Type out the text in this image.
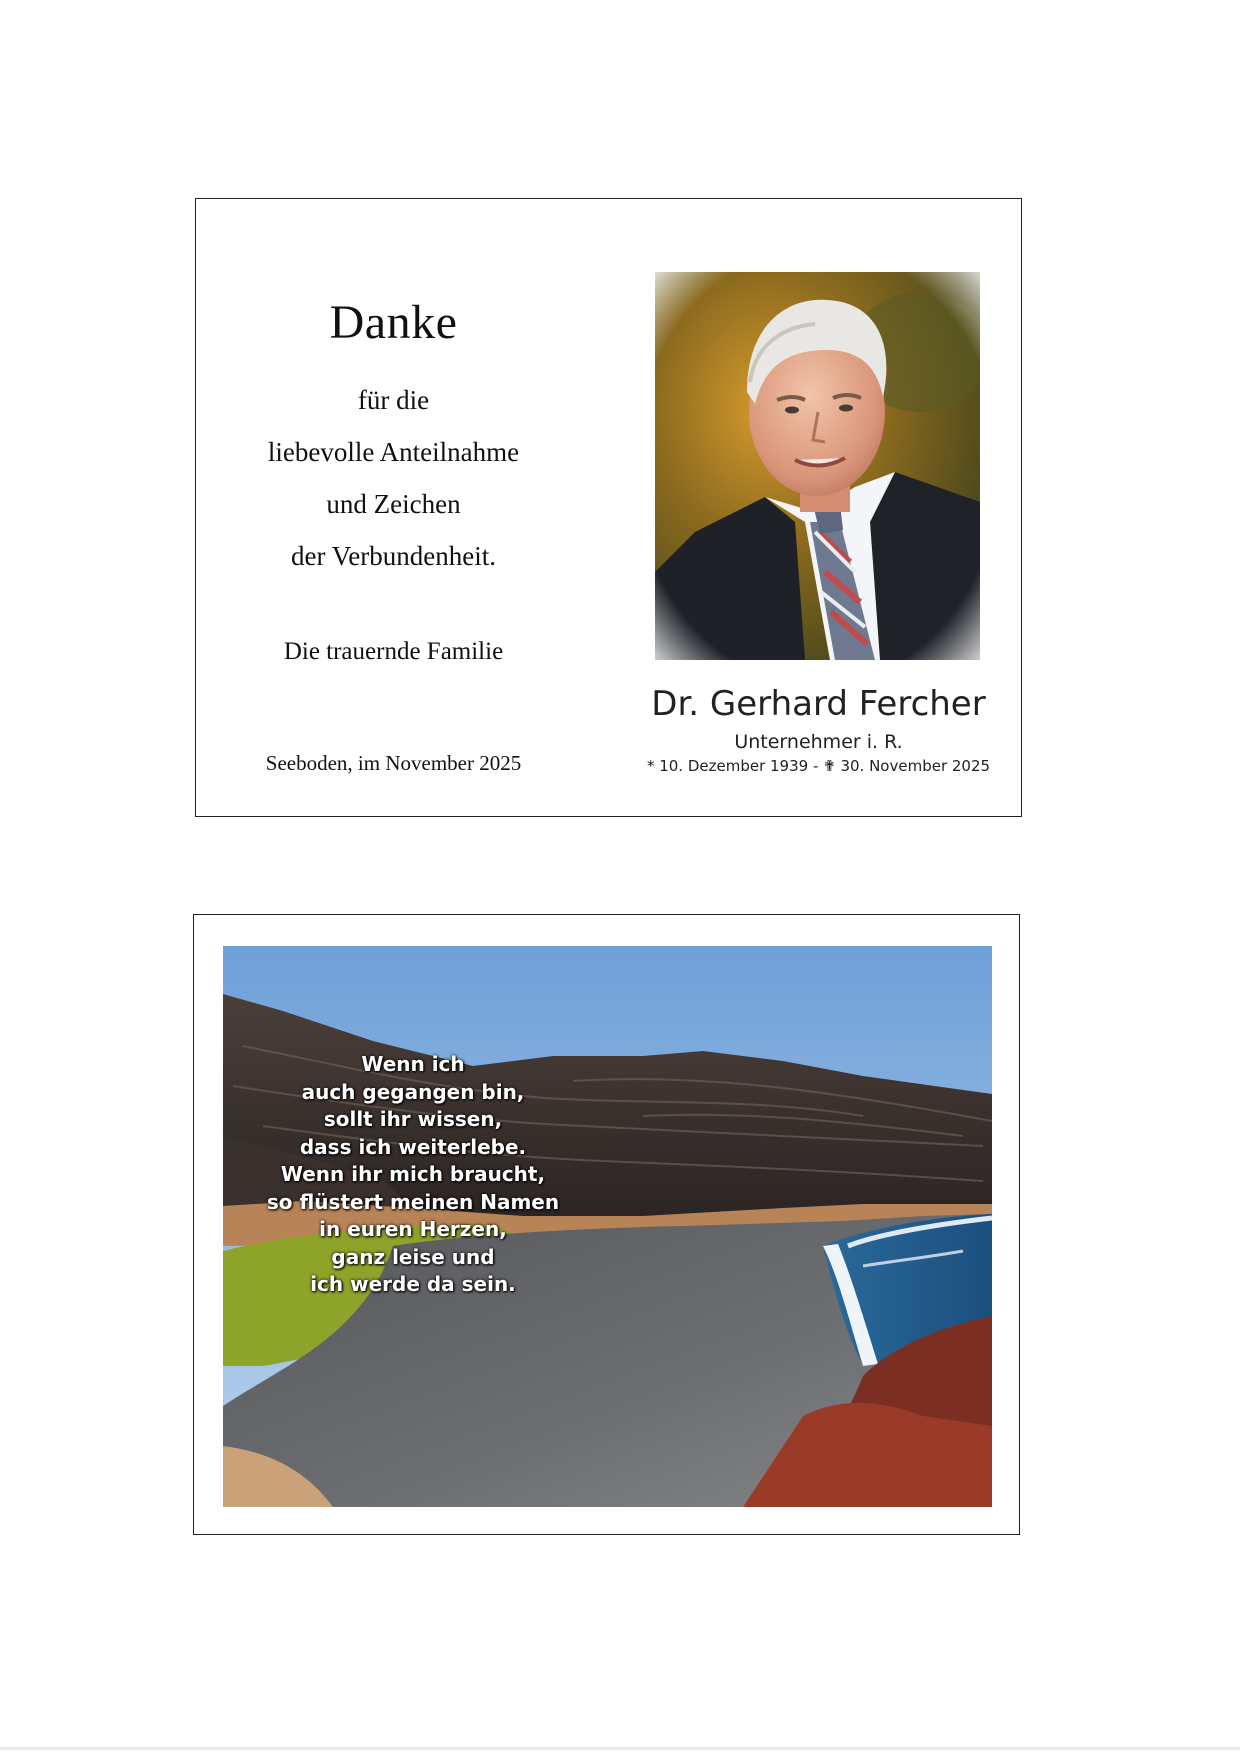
Danke
für die
liebevolle Anteilnahme
und Zeichen
der Verbundenheit.
Die trauernde Familie
Seeboden, im November 2025
Dr. Gerhard Fercher
Unternehmer i. R.
* 10. Dezember 1939 - ✟ 30. November 2025
Wenn ich
auch gegangen bin,
sollt ihr wissen,
dass ich weiterlebe.
Wenn ihr mich braucht,
so flüstert meinen Namen
in euren Herzen,
ganz leise und
ich werde da sein.
